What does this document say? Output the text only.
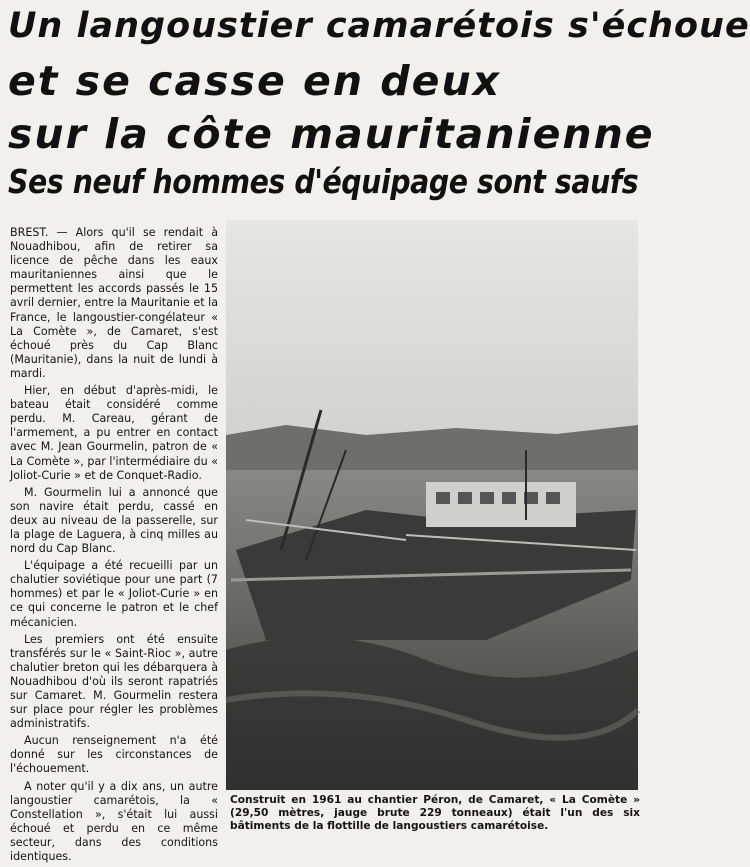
Un langoustier camarétois s'échoue
et se casse en deux
sur la côte mauritanienne
Ses neuf hommes d'équipage sont saufs

BREST. — Alors qu'il se rendait à Nouadhibou, afin de retirer sa licence de pêche dans les eaux mauritaniennes ainsi que le permettent les accords passés le 15 avril dernier, entre la Mauritanie et la France, le langoustier-congélateur « La Comète », de Camaret, s'est échoué près du Cap Blanc (Mauritanie), dans la nuit de lundi à mardi.

Hier, en début d'après-midi, le bateau était considéré comme perdu. M. Careau, gérant de l'armement, a pu entrer en contact avec M. Jean Gourmelin, patron de « La Comète », par l'intermédiaire du « Joliot-Curie » et de Conquet-Radio.

M. Gourmelin lui a annoncé que son navire était perdu, cassé en deux au niveau de la passerelle, sur la plage de Laguera, à cinq milles au nord du Cap Blanc.

L'équipage a été recueilli par un chalutier soviétique pour une part (7 hommes) et par le « Joliot-Curie » en ce qui concerne le patron et le chef mécanicien.

Les premiers ont été ensuite transférés sur le « Saint-Rioc », autre chalutier breton qui les débarquera à Nouadhibou d'où ils seront rapatriés sur Camaret. M. Gourmelin restera sur place pour régler les problèmes administratifs.

Aucun renseignement n'a été donné sur les circonstances de l'échouement.

A noter qu'il y a dix ans, un autre langoustier camarétois, la « Constellation », s'était lui aussi échoué et perdu en ce même secteur, dans des conditions identiques.

Construit en 1961 au chantier Péron, de Camaret, « La Comète » (29,50 mètres, jauge brute 229 tonneaux) était l'un des six bâtiments de la flottille de langoustiers camarétoise.
